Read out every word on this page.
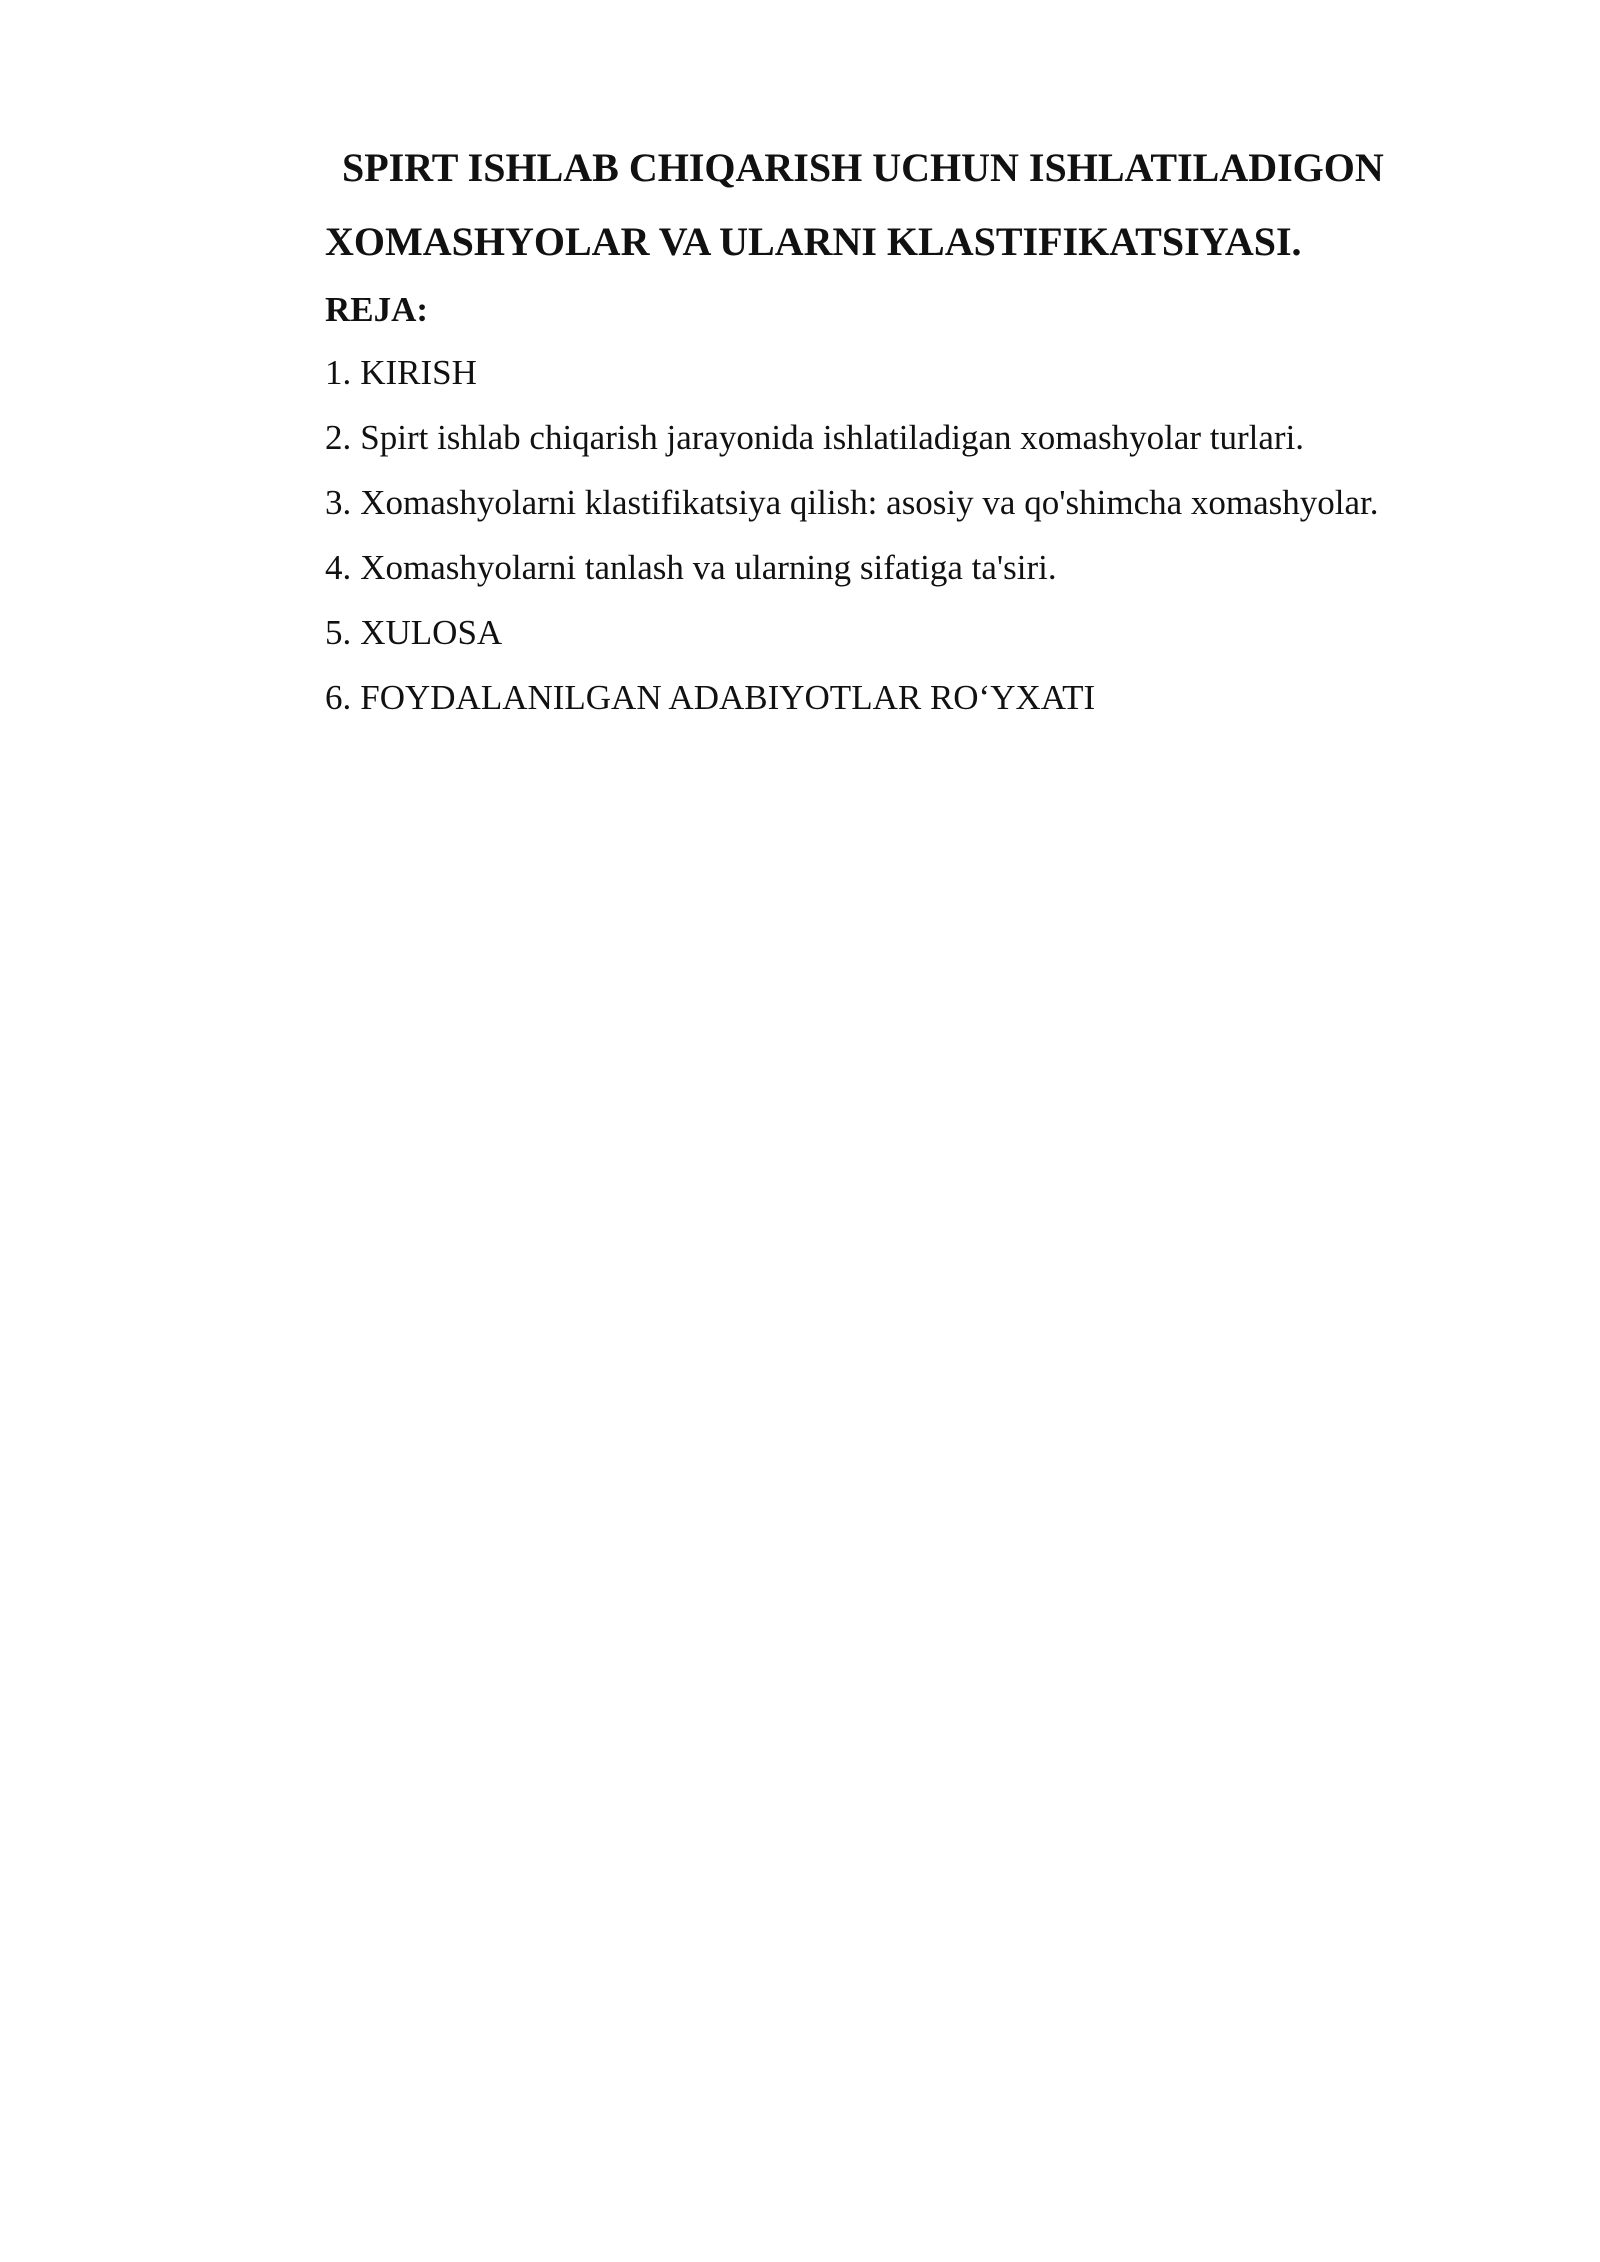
SPIRT ISHLAB CHIQARISH UCHUN ISHLATILADIGON
XOMASHYOLAR VA ULARNI KLASTIFIKATSIYASI.
REJA:
1. KIRISH
2. Spirt ishlab chiqarish jarayonida ishlatiladigan xomashyolar turlari.
3. Xomashyolarni klastifikatsiya qilish: asosiy va qo'shimcha xomashyolar.
4. Xomashyolarni tanlash va ularning sifatiga ta'siri.
5. XULOSA
6. FOYDALANILGAN ADABIYOTLAR RO‘YXATI
